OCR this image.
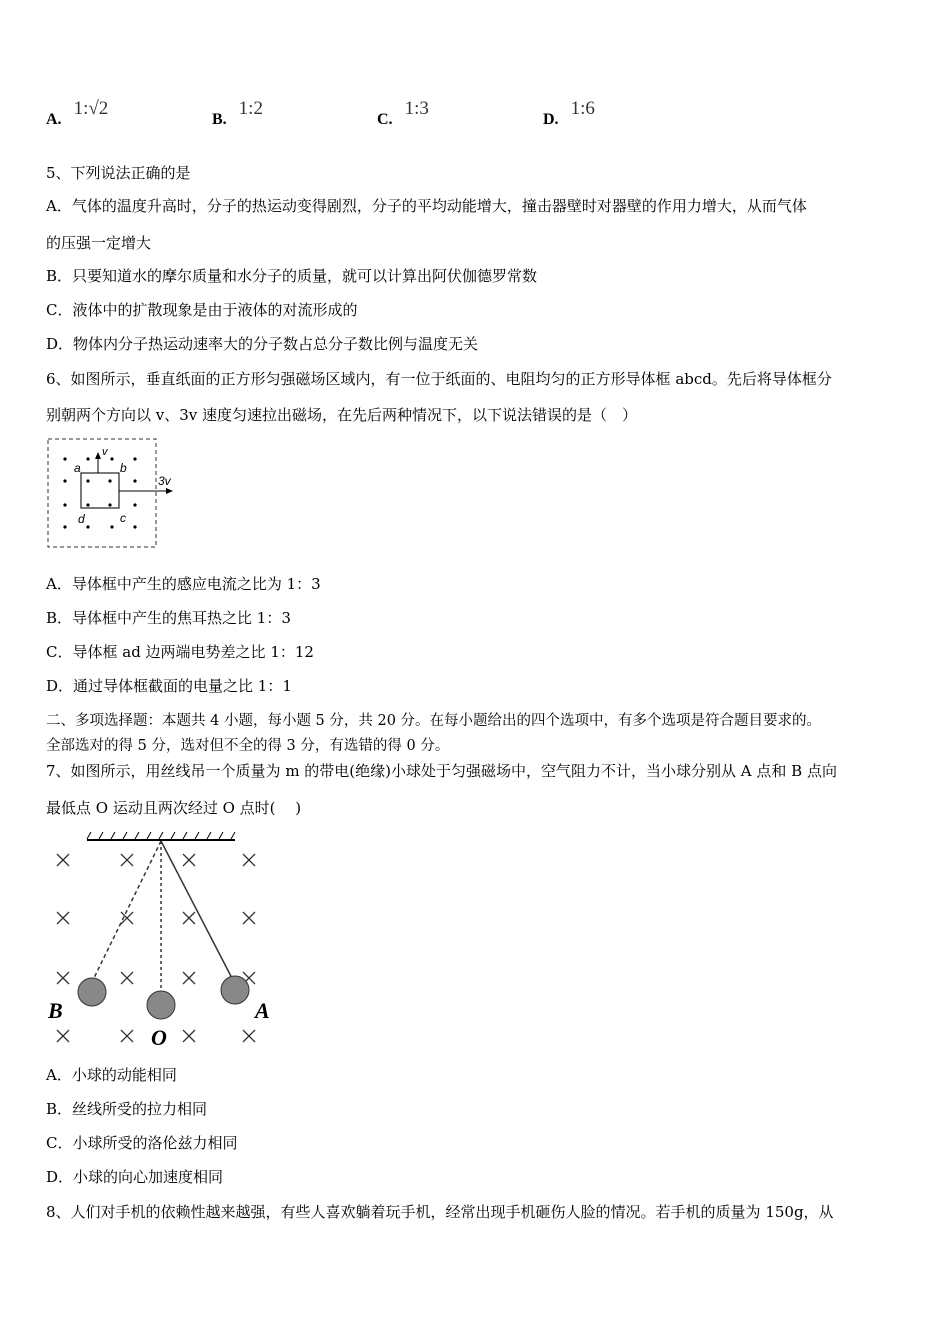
A.1:√2
B.1:2
C.1:3
D.1:6
5、下列说法正确的是
A．气体的温度升高时，分子的热运动变得剧烈，分子的平均动能增大，撞击器壁时对器壁的作用力增大，从而气体
的压强一定增大
B．只要知道水的摩尔质量和水分子的质量，就可以计算出阿伏伽德罗常数
C．液体中的扩散现象是由于液体的对流形成的
D．物体内分子热运动速率大的分子数占总分子数比例与温度无关
6、如图所示，垂直纸面的正方形匀强磁场区域内，有一位于纸面的、电阻均匀的正方形导体框 abcd。先后将导体框分
别朝两个方向以 v、3v 速度匀速拉出磁场，在先后两种情况下，以下说法错误的是（　）
a	b
c
d
v
3v
A．导体框中产生的感应电流之比为 1：3
B．导体框中产生的焦耳热之比 1：3
C．导体框 ad 边两端电势差之比 1：12
D．通过导体框截面的电量之比 1：1
二、多项选择题：本题共 4 小题，每小题 5 分，共 20 分。在每小题给出的四个选项中，有多个选项是符合题目要求的。
全部选对的得 5 分，选对但不全的得 3 分，有选错的得 0 分。
7、如图所示，用丝线吊一个质量为 m 的带电(绝缘)小球处于匀强磁场中，空气阻力不计，当小球分别从 A 点和 B 点向
最低点 O 运动且两次经过 O 点时(　 )
B
O
A
A．小球的动能相同
B．丝线所受的拉力相同
C．小球所受的洛伦兹力相同
D．小球的向心加速度相同
8、人们对手机的依赖性越来越强，有些人喜欢躺着玩手机，经常出现手机砸伤人脸的情况。若手机的质量为 150g，从
